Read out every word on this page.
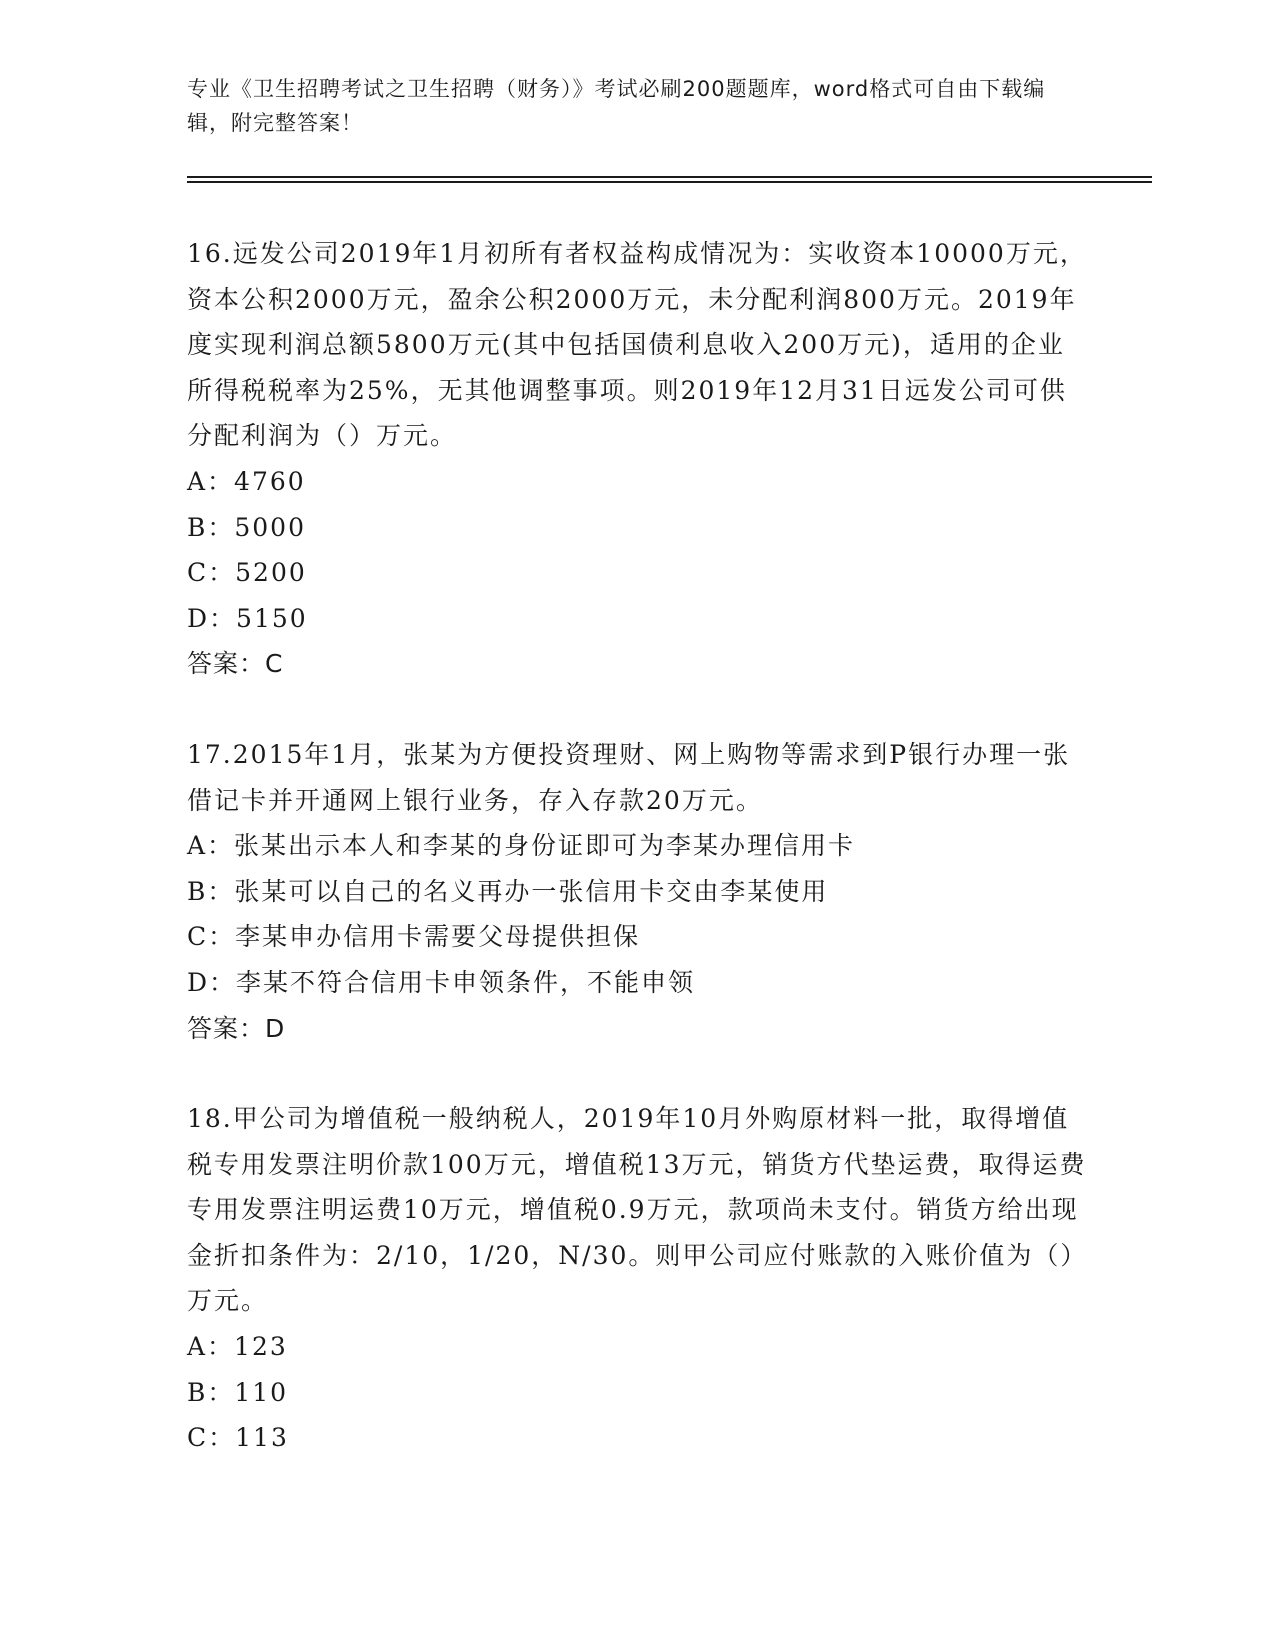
专业《卫生招聘考试之卫生招聘（财务）》考试必刷200题题库，word格式可自由下载编辑，附完整答案！

16.远发公司2019年1月初所有者权益构成情况为：实收资本10000万元，资本公积2000万元，盈余公积2000万元，未分配利润800万元。2019年度实现利润总额5800万元(其中包括国债利息收入200万元)，适用的企业所得税税率为25%，无其他调整事项。则2019年12月31日远发公司可供分配利润为（）万元。

A：4760

B：5000

C：5200

D：5150

答案：C

17.2015年1月，张某为方便投资理财、网上购物等需求到P银行办理一张借记卡并开通网上银行业务，存入存款20万元。

A：张某出示本人和李某的身份证即可为李某办理信用卡

B：张某可以自己的名义再办一张信用卡交由李某使用

C：李某申办信用卡需要父母提供担保

D：李某不符合信用卡申领条件，不能申领

答案：D

18.甲公司为增值税一般纳税人，2019年10月外购原材料一批，取得增值税专用发票注明价款100万元，增值税13万元，销货方代垫运费，取得运费专用发票注明运费10万元，增值税0.9万元，款项尚未支付。销货方给出现金折扣条件为：2/10，1/20，N/30。则甲公司应付账款的入账价值为（）万元。

A：123

B：110

C：113
